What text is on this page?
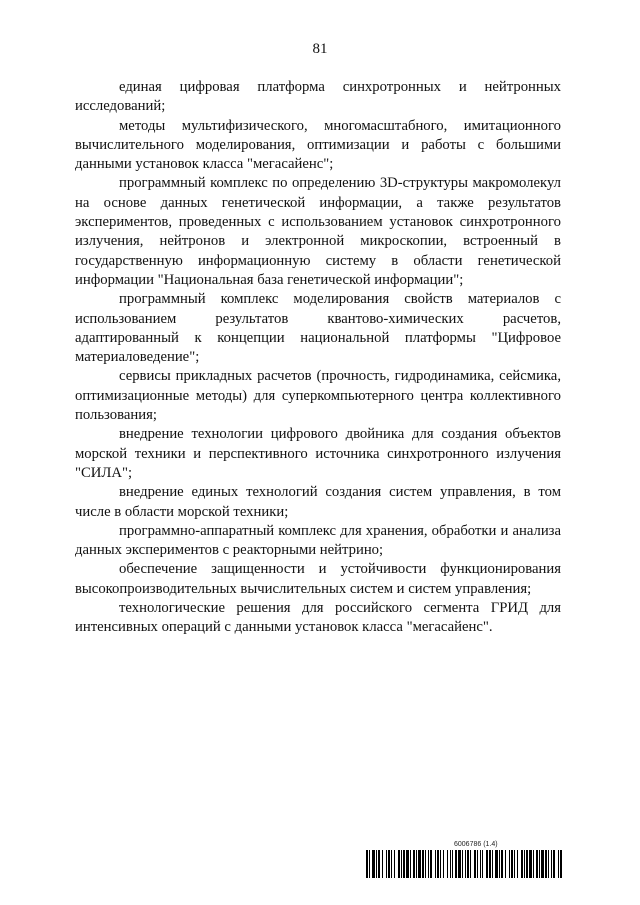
81

единая цифровая платформа синхротронных и нейтронных исследований;

методы мультифизического, многомасштабного, имитационного вычислительного моделирования, оптимизации и работы с большими данными установок класса "мегасайенс";

программный комплекс по определению 3D-структуры макромолекул на основе данных генетической информации, а также результатов экспериментов, проведенных с использованием установок синхротронного излучения, нейтронов и электронной микроскопии, встроенный в государственную информационную систему в области генетической информации "Национальная база генетической информации";

программный комплекс моделирования свойств материалов с использованием результатов квантово-химических расчетов, адаптированный к концепции национальной платформы "Цифровое материаловедение";

сервисы прикладных расчетов (прочность, гидродинамика, сейсмика, оптимизационные методы) для суперкомпьютерного центра коллективного пользования;

внедрение технологии цифрового двойника для создания объектов морской техники и перспективного источника синхротронного излучения "СИЛА";

внедрение единых технологий создания систем управления, в том числе в области морской техники;

программно-аппаратный комплекс для хранения, обработки и анализа данных экспериментов с реакторными нейтрино;

обеспечение защищенности и устойчивости функционирования высокопроизводительных вычислительных систем и систем управления;

технологические решения для российского сегмента ГРИД для интенсивных операций с данными установок класса "мегасайенс".

6006786 (1.4)
